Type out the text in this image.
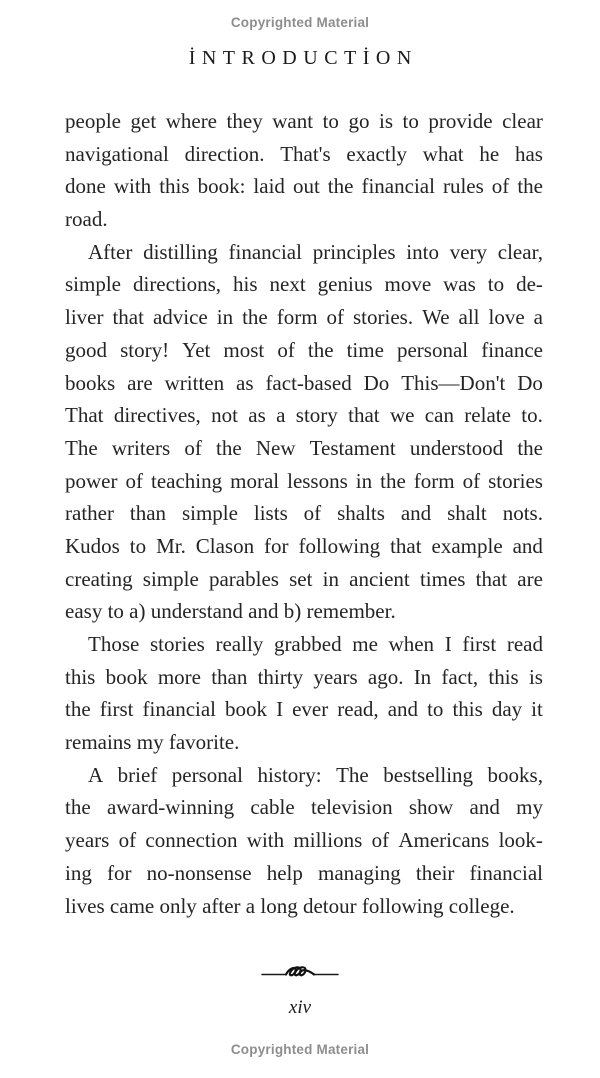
Copyrighted Material
İNTRODUCTİON
people get where they want to go is to provide clear
navigational direction. That's exactly what he has
done with this book: laid out the financial rules of the
road.
After distilling financial principles into very clear,
simple directions, his next genius move was to de-
liver that advice in the form of stories. We all love a
good story! Yet most of the time personal finance
books are written as fact-based Do This—Don't Do
That directives, not as a story that we can relate to.
The writers of the New Testament understood the
power of teaching moral lessons in the form of stories
rather than simple lists of shalts and shalt nots.
Kudos to Mr. Clason for following that example and
creating simple parables set in ancient times that are
easy to a) understand and b) remember.
Those stories really grabbed me when I first read
this book more than thirty years ago. In fact, this is
the first financial book I ever read, and to this day it
remains my favorite.
A brief personal history: The bestselling books,
the award-winning cable television show and my
years of connection with millions of Americans look-
ing for no-nonsense help managing their financial
lives came only after a long detour following college.
xiv
Copyrighted Material
